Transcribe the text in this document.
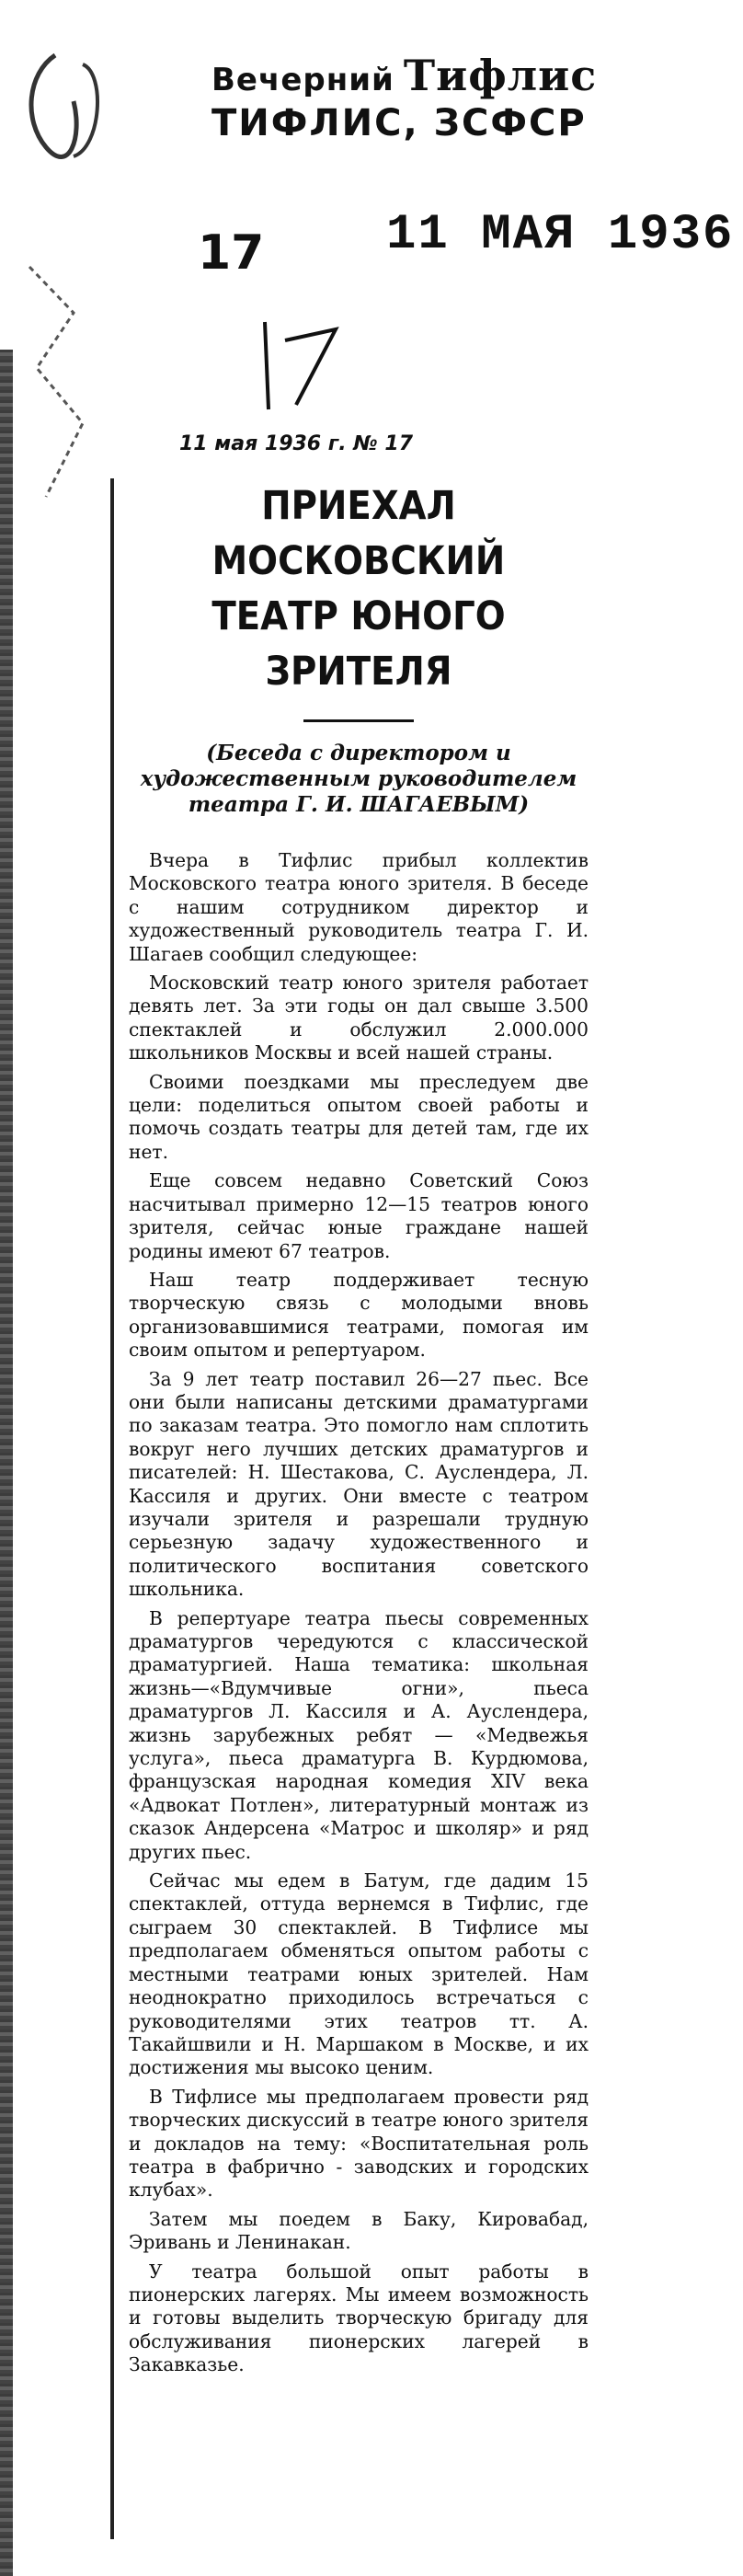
Вечерний Тифлис
ТИФЛИС, ЗСФСР
17 11 МАЯ 1936
11 мая 1936 г. № 17
ПРИЕХАЛ МОСКОВСКИЙ
ТЕАТР ЮНОГО ЗРИТЕЛЯ
(Беседа с директором и художественным руководителем театра Г. И. ШАГАЕВЫМ)

Вчера в Тифлис прибыл коллектив Московского театра юного зрителя. В беседе с нашим сотрудником директор и художественный руководитель театра Г. И. Шагаев сообщил следующее:

Московский театр юного зрителя работает девять лет. За эти годы он дал свыше 3.500 спектаклей и обслужил 2.000.000 школьников Москвы и всей нашей страны.

Своими поездками мы преследуем две цели: поделиться опытом своей работы и помочь создать театры для детей там, где их нет.

Еще совсем недавно Советский Союз насчитывал примерно 12—15 театров юного зрителя, сейчас юные граждане нашей родины имеют 67 театров.

Наш театр поддерживает тесную творческую связь с молодыми вновь организовавшимися театрами, помогая им своим опытом и репертуаром.

За 9 лет театр поставил 26—27 пьес. Все они были написаны детскими драматургами по заказам театра. Это помогло нам сплотить вокруг него лучших детских драматургов и писателей: Н. Шестакова, С. Ауслендера, Л. Кассиля и других. Они вместе с театром изучали зрителя и разрешали трудную серьезную задачу художественного и политического воспитания советского школьника.

В репертуаре театра пьесы современных драматургов чередуются с классической драматургией. Наша тематика: школьная жизнь—«Вдумчивые огни», пьеса драматургов Л. Кассиля и А. Ауслендера, жизнь зарубежных ребят — «Медвежья услуга», пьеса драматурга В. Курдюмова, французская народная комедия XIV века «Адвокат Потлен», литературный монтаж из сказок Андерсена «Матрос и школяр» и ряд других пьес.

Сейчас мы едем в Батум, где дадим 15 спектаклей, оттуда вернемся в Тифлис, где сыграем 30 спектаклей. В Тифлисе мы предполагаем обменяться опытом работы с местными театрами юных зрителей. Нам неоднократно приходилось встречаться с руководителями этих театров тт. А. Такайшвили и Н. Маршаком в Москве, и их достижения мы высоко ценим.

В Тифлисе мы предполагаем провести ряд творческих дискуссий в театре юного зрителя и докладов на тему: «Воспитательная роль театра в фабрично - заводских и городских клубах».

Затем мы поедем в Баку, Кировабад, Эривань и Ленинакан.

У театра большой опыт работы в пионерских лагерях. Мы имеем возможность и готовы выделить творческую бригаду для обслуживания пионерских лагерей в Закавказье.
